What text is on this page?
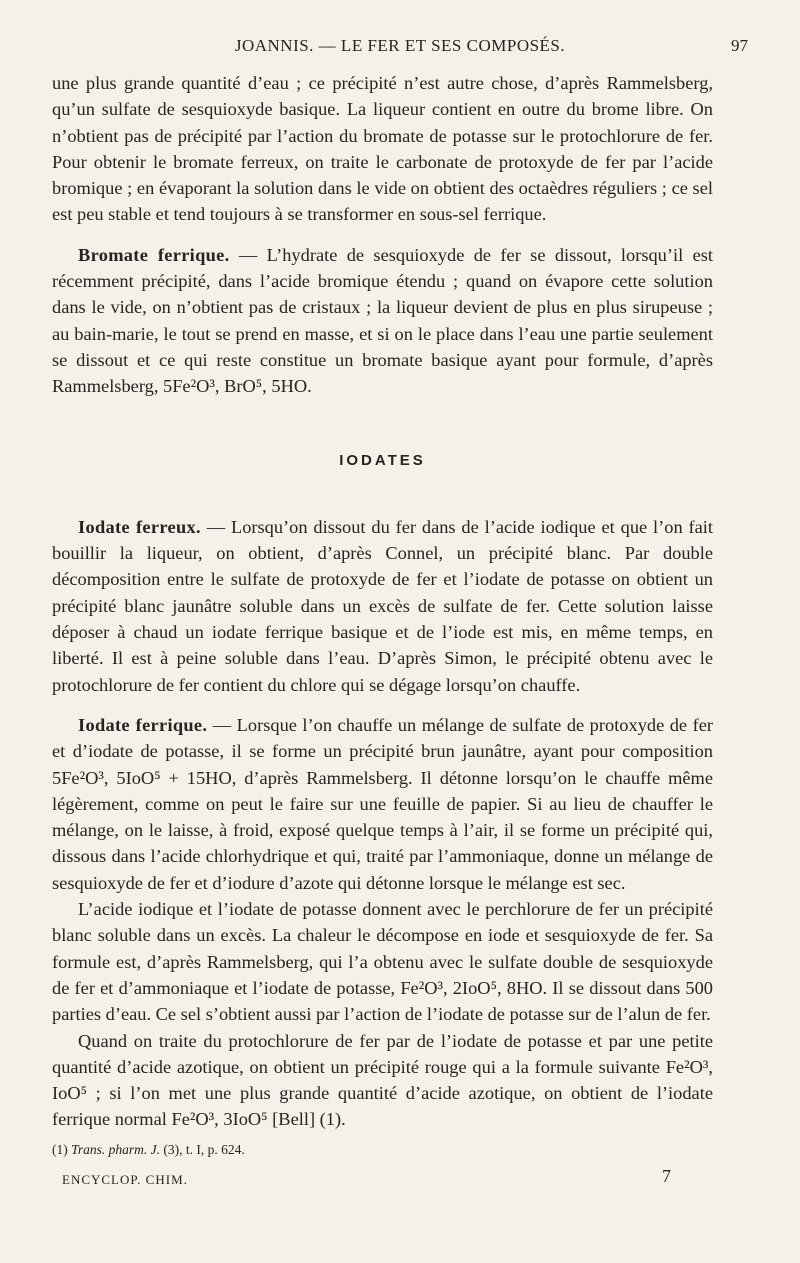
JOANNIS. — LE FER ET SES COMPOSÉS.	97

une plus grande quantité d’eau ; ce précipité n’est autre chose, d’après Rammelsberg, qu’un sulfate de sesquioxyde basique. La liqueur contient en outre du brome libre. On n’obtient pas de précipité par l’action du bromate de potasse sur le protochlorure de fer. Pour obtenir le bromate ferreux, on traite le carbonate de protoxyde de fer par l’acide bromique ; en évaporant la solution dans le vide on obtient des octaèdres réguliers ; ce sel est peu stable et tend toujours à se transformer en sous-sel ferrique.

Bromate ferrique. — L’hydrate de sesquioxyde de fer se dissout, lorsqu’il est récemment précipité, dans l’acide bromique étendu ; quand on évapore cette solution dans le vide, on n’obtient pas de cristaux ; la liqueur devient de plus en plus sirupeuse ; au bain-marie, le tout se prend en masse, et si on le place dans l’eau une partie seulement se dissout et ce qui reste constitue un bromate basique ayant pour formule, d’après Rammelsberg, 5Fe²O³, BrO⁵, 5HO.

IODATES

Iodate ferreux. — Lorsqu’on dissout du fer dans de l’acide iodique et que l’on fait bouillir la liqueur, on obtient, d’après Connel, un précipité blanc. Par double décomposition entre le sulfate de protoxyde de fer et l’iodate de potasse on obtient un précipité blanc jaunâtre soluble dans un excès de sulfate de fer. Cette solution laisse déposer à chaud un iodate ferrique basique et de l’iode est mis, en même temps, en liberté. Il est à peine soluble dans l’eau. D’après Simon, le précipité obtenu avec le protochlorure de fer contient du chlore qui se dégage lorsqu’on chauffe.

Iodate ferrique. — Lorsque l’on chauffe un mélange de sulfate de protoxyde de fer et d’iodate de potasse, il se forme un précipité brun jaunâtre, ayant pour composition 5Fe²O³, 5IoO⁵ + 15HO, d’après Rammelsberg. Il détonne lorsqu’on le chauffe même légèrement, comme on peut le faire sur une feuille de papier. Si au lieu de chauffer le mélange, on le laisse, à froid, exposé quelque temps à l’air, il se forme un précipité qui, dissous dans l’acide chlorhydrique et qui, traité par l’ammoniaque, donne un mélange de sesquioxyde de fer et d’iodure d’azote qui détonne lorsque le mélange est sec.

L’acide iodique et l’iodate de potasse donnent avec le perchlorure de fer un précipité blanc soluble dans un excès. La chaleur le décompose en iode et sesquioxyde de fer. Sa formule est, d’après Rammelsberg, qui l’a obtenu avec le sulfate double de sesquioxyde de fer et d’ammoniaque et l’iodate de potasse, Fe²O³, 2IoO⁵, 8HO. Il se dissout dans 500 parties d’eau. Ce sel s’obtient aussi par l’action de l’iodate de potasse sur de l’alun de fer.

Quand on traite du protochlorure de fer par de l’iodate de potasse et par une petite quantité d’acide azotique, on obtient un précipité rouge qui a la formule suivante Fe²O³, IoO⁵ ; si l’on met une plus grande quantité d’acide azotique, on obtient de l’iodate ferrique normal Fe²O³, 3IoO⁵ [Bell] (1).

(1) Trans. pharm. J. (3), t. I, p. 624.
ENCYCLOP. CHIM.	7
